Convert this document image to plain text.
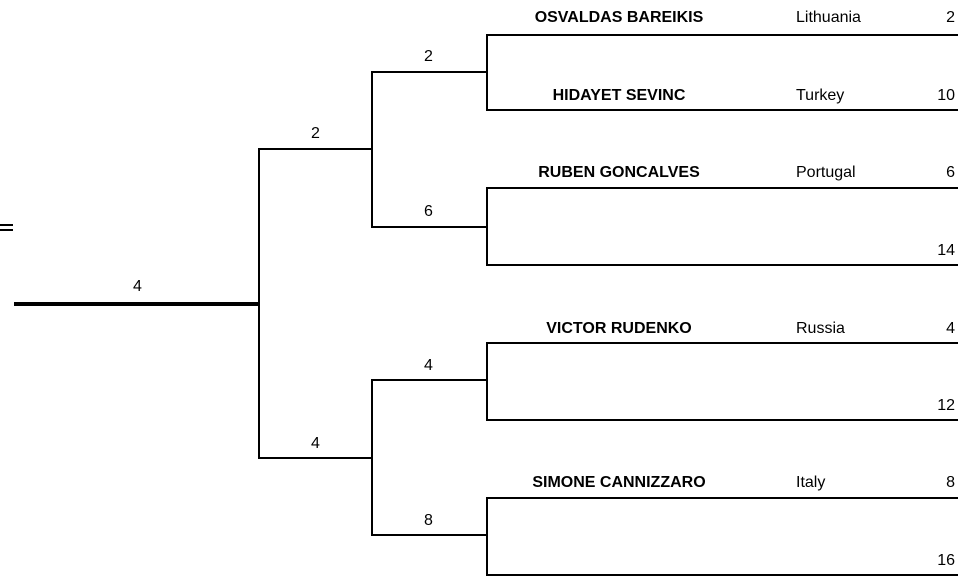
OSVALDAS BAREIKIS
HIDAYET SEVINC
RUBEN GONCALVES
VICTOR RUDENKO
SIMONE CANNIZZARO
Lithuania
Turkey
Portugal
Russia
Italy
2
10
6
14
4
12
8
16
2
6
4
8
2
4
4
